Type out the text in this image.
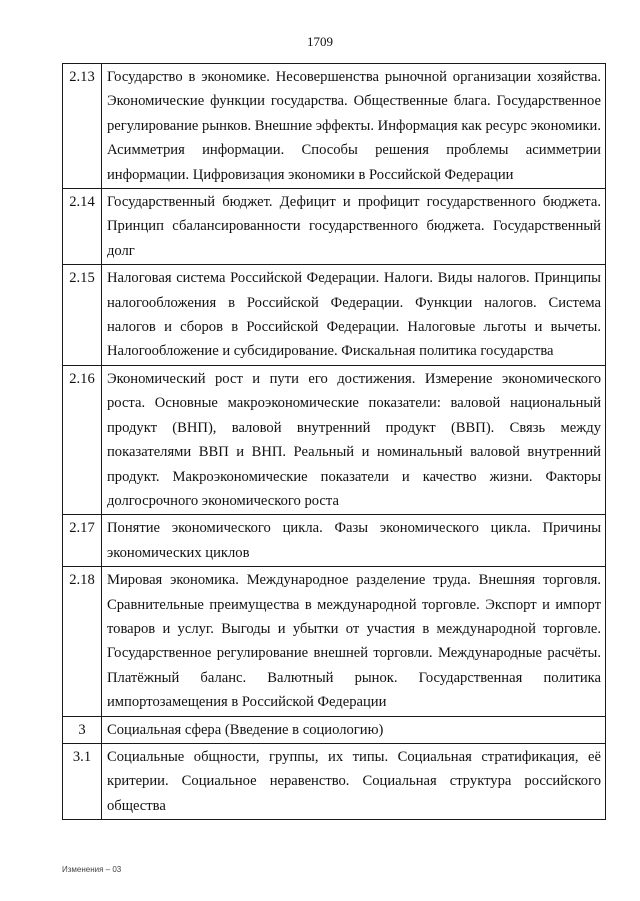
1709
2.13	Государство в экономике. Несовершенства рыночной организации хозяйства. Экономические функции государства. Общественные блага. Государственное регулирование рынков. Внешние эффекты. Информация как ресурс экономики. Асимметрия информации. Способы решения проблемы асимметрии информации. Цифровизация экономики в Российской Федерации
2.14	Государственный бюджет. Дефицит и профицит государственного бюджета. Принцип сбалансированности государственного бюджета. Государственный долг
2.15	Налоговая система Российской Федерации. Налоги. Виды налогов. Принципы налогообложения в Российской Федерации. Функции налогов. Система налогов и сборов в Российской Федерации. Налоговые льготы и вычеты. Налогообложение и субсидирование. Фискальная политика государства
2.16	Экономический рост и пути его достижения. Измерение экономического роста. Основные макроэкономические показатели: валовой национальный продукт (ВНП), валовой внутренний продукт (ВВП). Связь между показателями ВВП и ВНП. Реальный и номинальный валовой внутренний продукт. Макроэкономические показатели и качество жизни. Факторы долгосрочного экономического роста
2.17	Понятие экономического цикла. Фазы экономического цикла. Причины экономических циклов
2.18	Мировая экономика. Международное разделение труда. Внешняя торговля. Сравнительные преимущества в международной торговле. Экспорт и импорт товаров и услуг. Выгоды и убытки от участия в международной торговле. Государственное регулирование внешней торговли. Международные расчёты. Платёжный баланс. Валютный рынок. Государственная политика импортозамещения в Российской Федерации
3	Социальная сфера (Введение в социологию)
3.1	Социальные общности, группы, их типы. Социальная стратификация, её критерии. Социальное неравенство. Социальная структура российского общества
Изменения – 03
